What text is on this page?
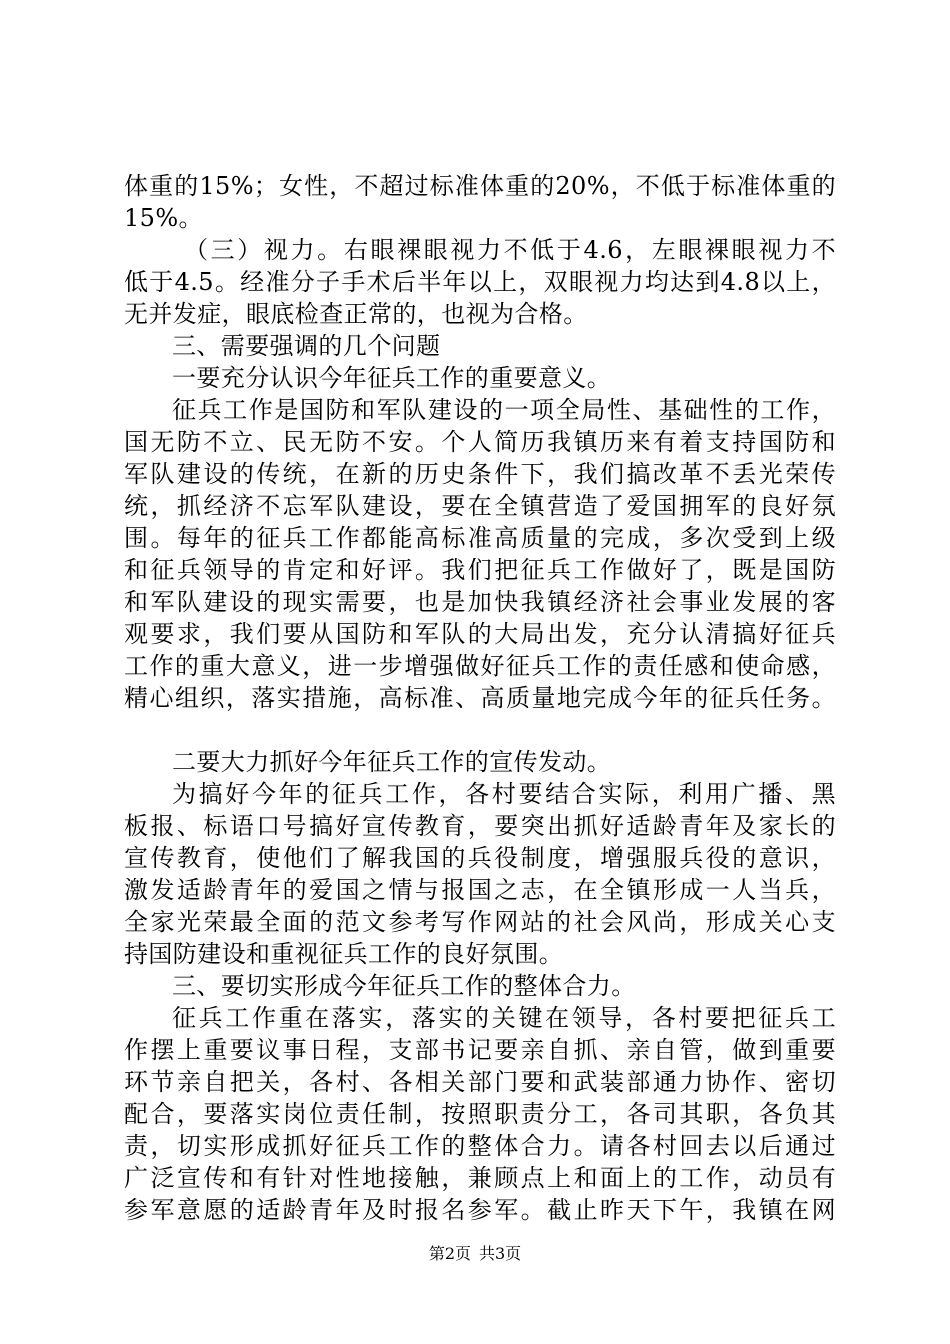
体重的15%；女性，不超过标准体重的20%，不低于标准体重的
15%。
（三）视力。右眼裸眼视力不低于4.6，左眼裸眼视力不
低于4.5。经准分子手术后半年以上，双眼视力均达到4.8以上，
无并发症，眼底检查正常的，也视为合格。
三、需要强调的几个问题
一要充分认识今年征兵工作的重要意义。
征兵工作是国防和军队建设的一项全局性、基础性的工作，
国无防不立、民无防不安。个人简历我镇历来有着支持国防和
军队建设的传统，在新的历史条件下，我们搞改革不丢光荣传
统，抓经济不忘军队建设，要在全镇营造了爱国拥军的良好氛
围。每年的征兵工作都能高标准高质量的完成，多次受到上级
和征兵领导的肯定和好评。我们把征兵工作做好了，既是国防
和军队建设的现实需要，也是加快我镇经济社会事业发展的客
观要求，我们要从国防和军队的大局出发，充分认清搞好征兵
工作的重大意义，进一步增强做好征兵工作的责任感和使命感，
精心组织，落实措施，高标准、高质量地完成今年的征兵任务。
二要大力抓好今年征兵工作的宣传发动。
为搞好今年的征兵工作，各村要结合实际，利用广播、黑
板报、标语口号搞好宣传教育，要突出抓好适龄青年及家长的
宣传教育，使他们了解我国的兵役制度，增强服兵役的意识，
激发适龄青年的爱国之情与报国之志，在全镇形成一人当兵，
全家光荣最全面的范文参考写作网站的社会风尚，形成关心支
持国防建设和重视征兵工作的良好氛围。
三、要切实形成今年征兵工作的整体合力。
征兵工作重在落实，落实的关键在领导，各村要把征兵工
作摆上重要议事日程，支部书记要亲自抓、亲自管，做到重要
环节亲自把关，各村、各相关部门要和武装部通力协作、密切
配合，要落实岗位责任制，按照职责分工，各司其职，各负其
责，切实形成抓好征兵工作的整体合力。请各村回去以后通过
广泛宣传和有针对性地接触，兼顾点上和面上的工作，动员有
参军意愿的适龄青年及时报名参军。截止昨天下午，我镇在网
第2页 共3页
